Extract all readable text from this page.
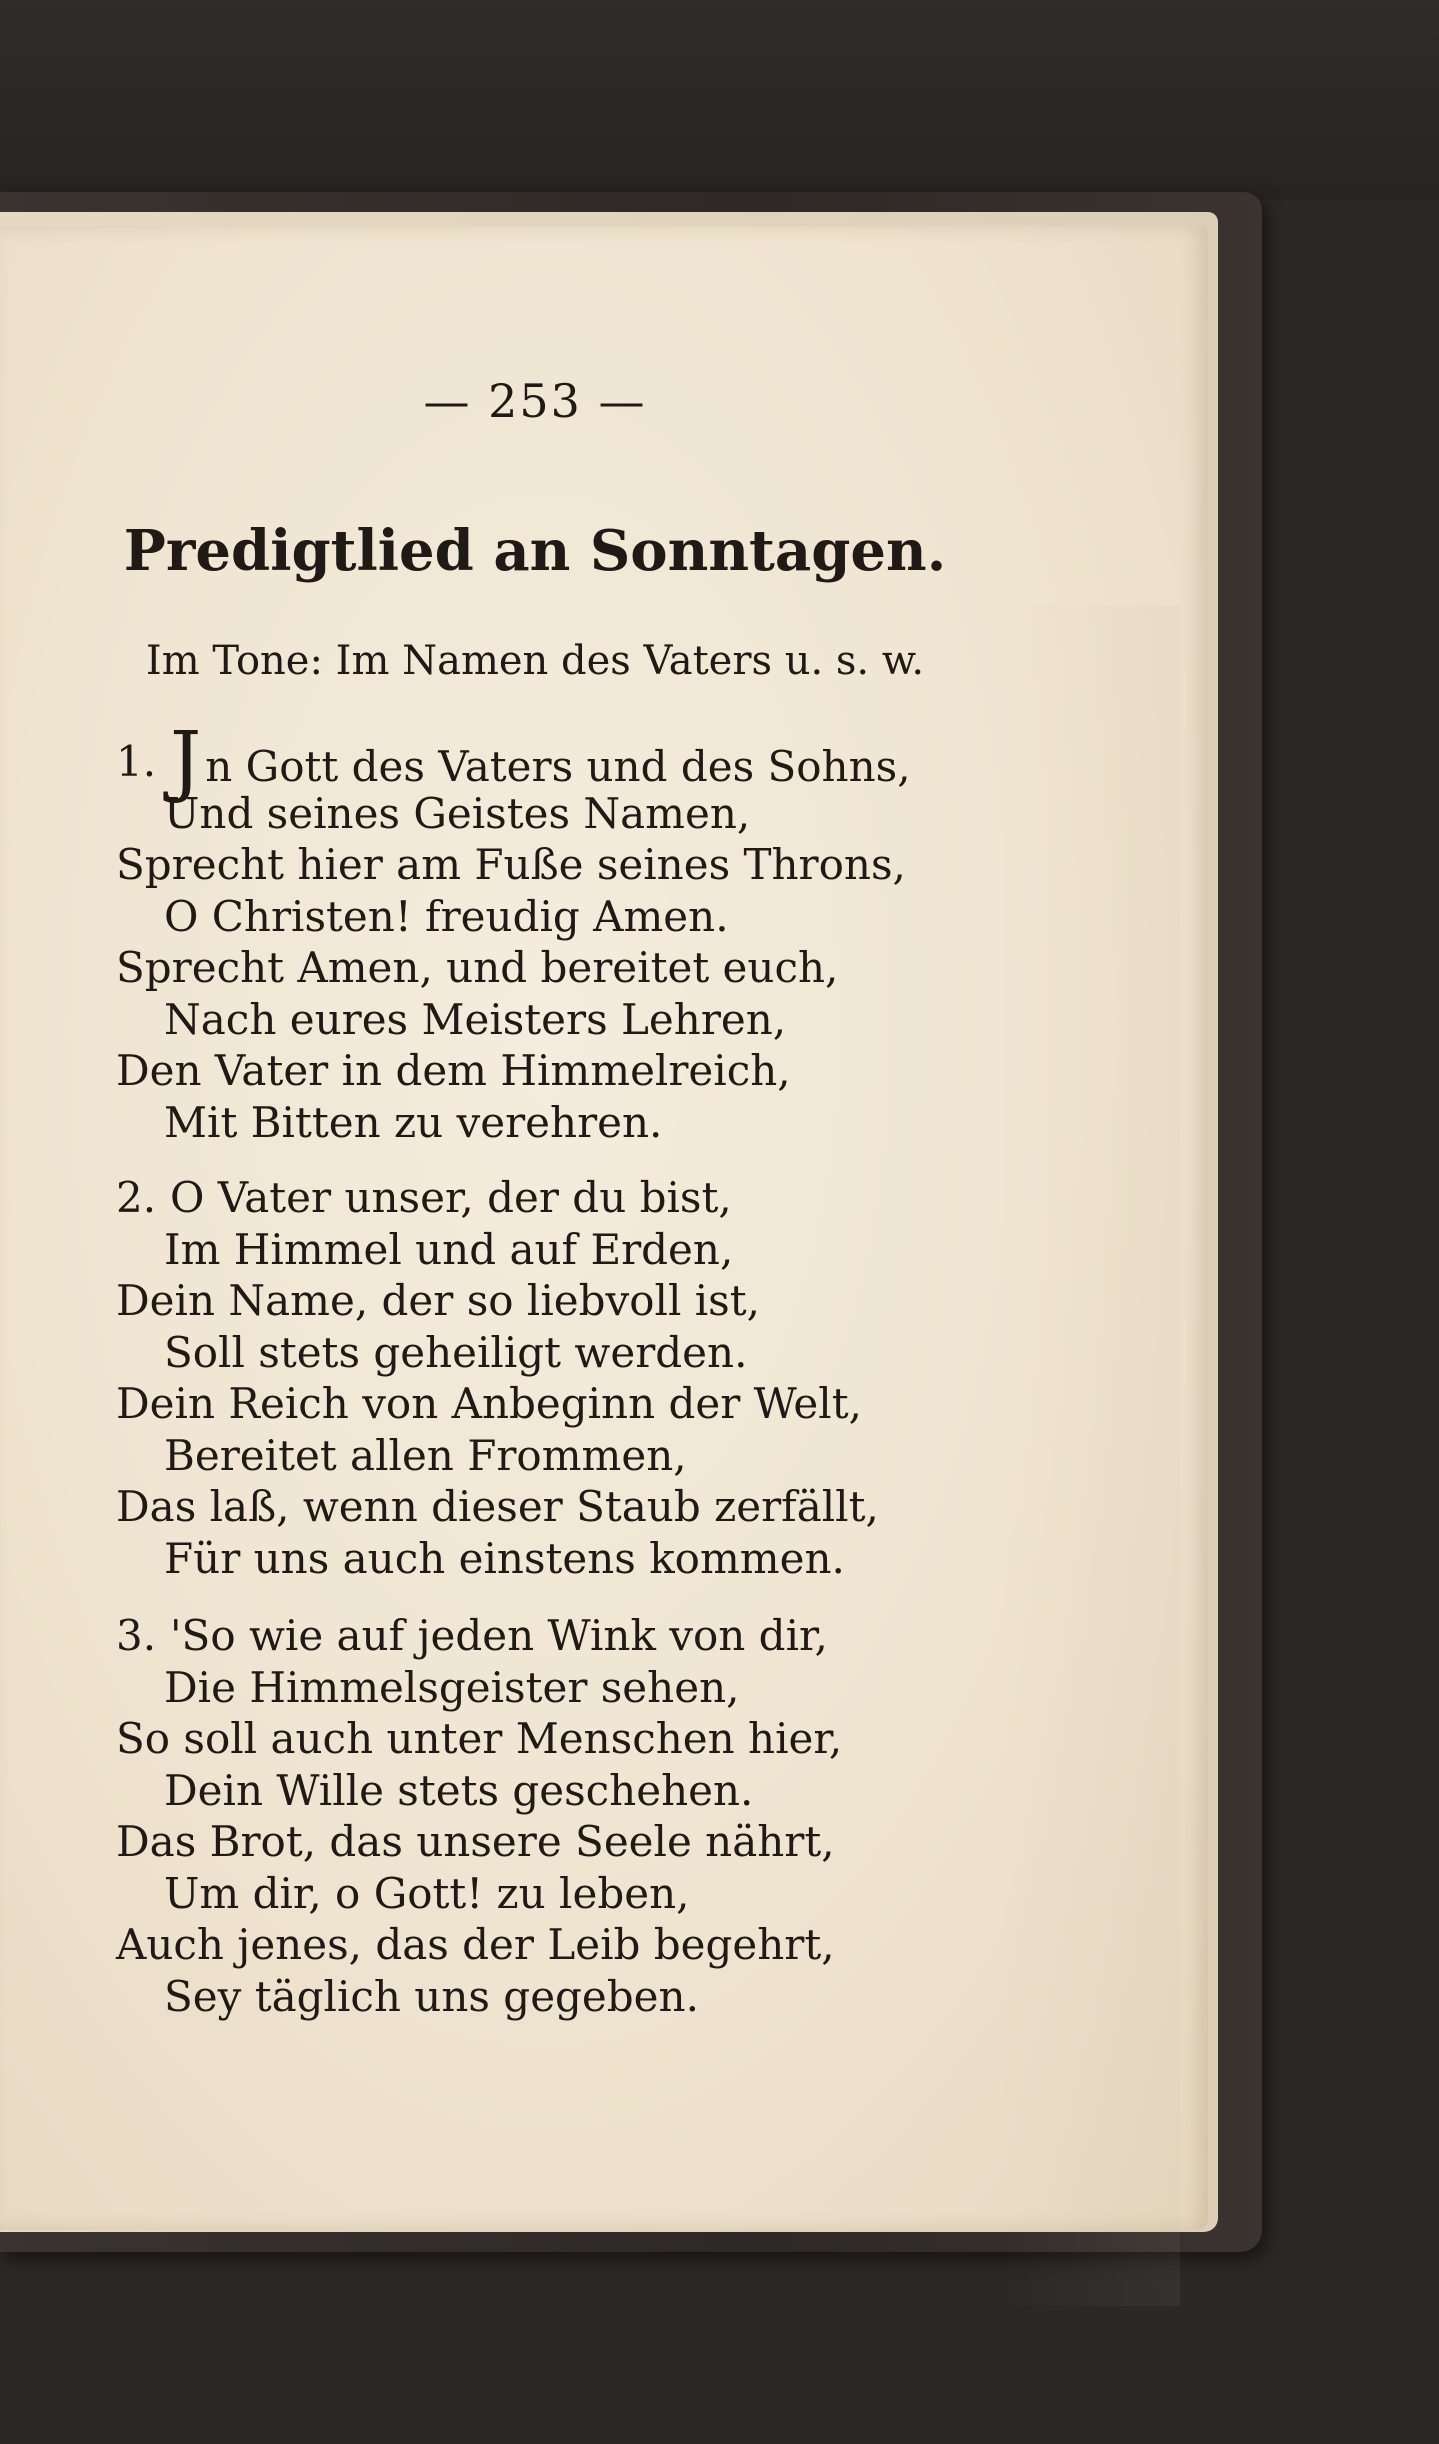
— 253 —
Predigtlied an Sonntagen.
Im Tone: Im Namen des Vaters u. s. w.
1. Jn Gott des Vaters und des Sohns,
Und seines Geistes Namen,
Sprecht hier am Fuße seines Throns,
O Christen! freudig Amen.
Sprecht Amen, und bereitet euch,
Nach eures Meisters Lehren,
Den Vater in dem Himmelreich,
Mit Bitten zu verehren.
2. O Vater unser, der du bist,
Im Himmel und auf Erden,
Dein Name, der so liebvoll ist,
Soll stets geheiligt werden.
Dein Reich von Anbeginn der Welt,
Bereitet allen Frommen,
Das laß, wenn dieser Staub zerfällt,
Für uns auch einstens kommen.
3. 'So wie auf jeden Wink von dir,
Die Himmelsgeister sehen,
So soll auch unter Menschen hier,
Dein Wille stets geschehen.
Das Brot, das unsere Seele nährt,
Um dir, o Gott! zu leben,
Auch jenes, das der Leib begehrt,
Sey täglich uns gegeben.
